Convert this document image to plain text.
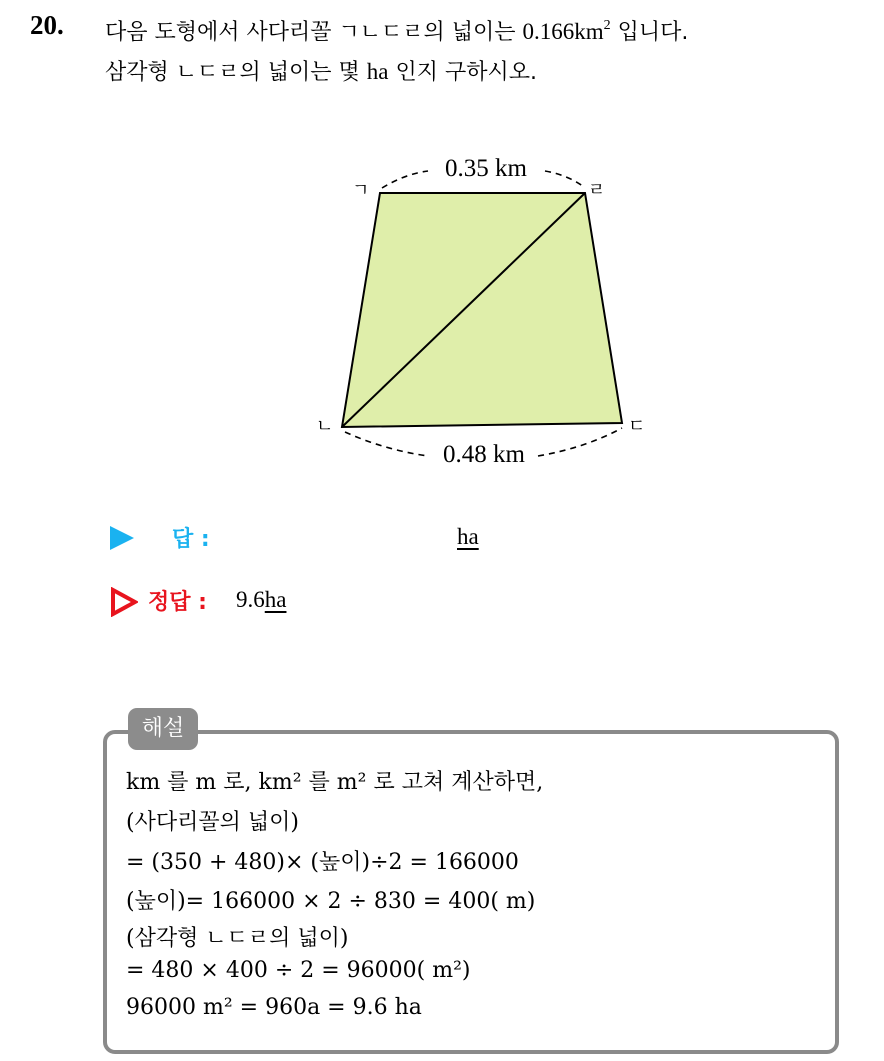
20. 다음 도형에서 사다리꼴 ㄱㄴㄷㄹ의 넓이는 $0.166km^2$ 입니다.
삼각형 ㄴㄷㄹ의 넓이는 몇 ha 인지 구하시오.
0.35 km
0.48 km
ㄱ	ㄹ
ㄴ	ㄷ
답 :	ha
정답 : 9.6ha
해설
km 를 m 로, km² 를 m² 로 고쳐 계산하면,
(사다리꼴의 넓이)
= (350 + 480)× (높이)÷2 = 166000
(높이)= 166000 × 2 ÷ 830 = 400( m)
(삼각형 ㄴㄷㄹ의 넓이)
= 480 × 400 ÷ 2 = 96000( m²)
96000 m² = 960a = 9.6 ha
